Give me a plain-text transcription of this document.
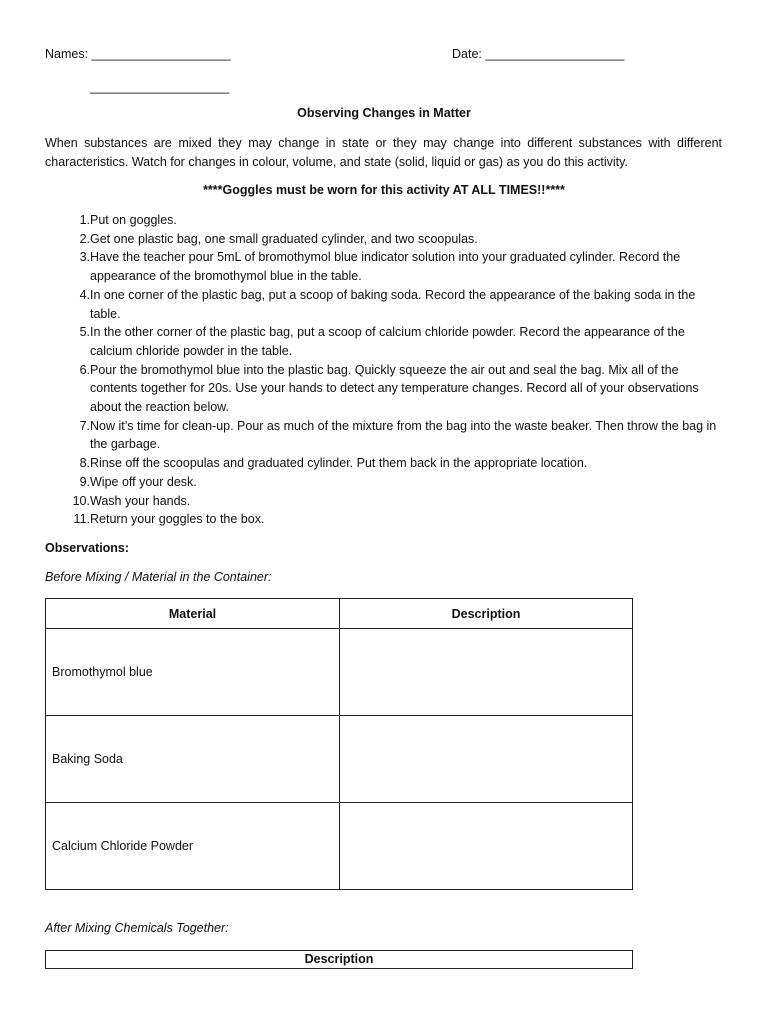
Names: ____________________	Date: ____________________
____________________
Observing Changes in Matter
When substances are mixed they may change in state or they may change into different substances with different characteristics. Watch for changes in colour, volume, and state (solid, liquid or gas) as you do this activity.
****Goggles must be worn for this activity AT ALL TIMES!!****
1. Put on goggles.
2. Get one plastic bag, one small graduated cylinder, and two scoopulas.
3. Have the teacher pour 5mL of bromothymol blue indicator solution into your graduated cylinder. Record the appearance of the bromothymol blue in the table.
4. In one corner of the plastic bag, put a scoop of baking soda. Record the appearance of the baking soda in the table.
5. In the other corner of the plastic bag, put a scoop of calcium chloride powder. Record the appearance of the calcium chloride powder in the table.
6. Pour the bromothymol blue into the plastic bag. Quickly squeeze the air out and seal the bag. Mix all of the contents together for 20s. Use your hands to detect any temperature changes. Record all of your observations about the reaction below.
7. Now it’s time for clean-up. Pour as much of the mixture from the bag into the waste beaker. Then throw the bag in the garbage.
8. Rinse off the scoopulas and graduated cylinder. Put them back in the appropriate location.
9. Wipe off your desk.
10. Wash your hands.
11. Return your goggles to the box.
Observations:
Before Mixing / Material in the Container:
Material	Description
Bromothymol blue	
Baking Soda	
Calcium Chloride Powder	
After Mixing Chemicals Together:
Description
